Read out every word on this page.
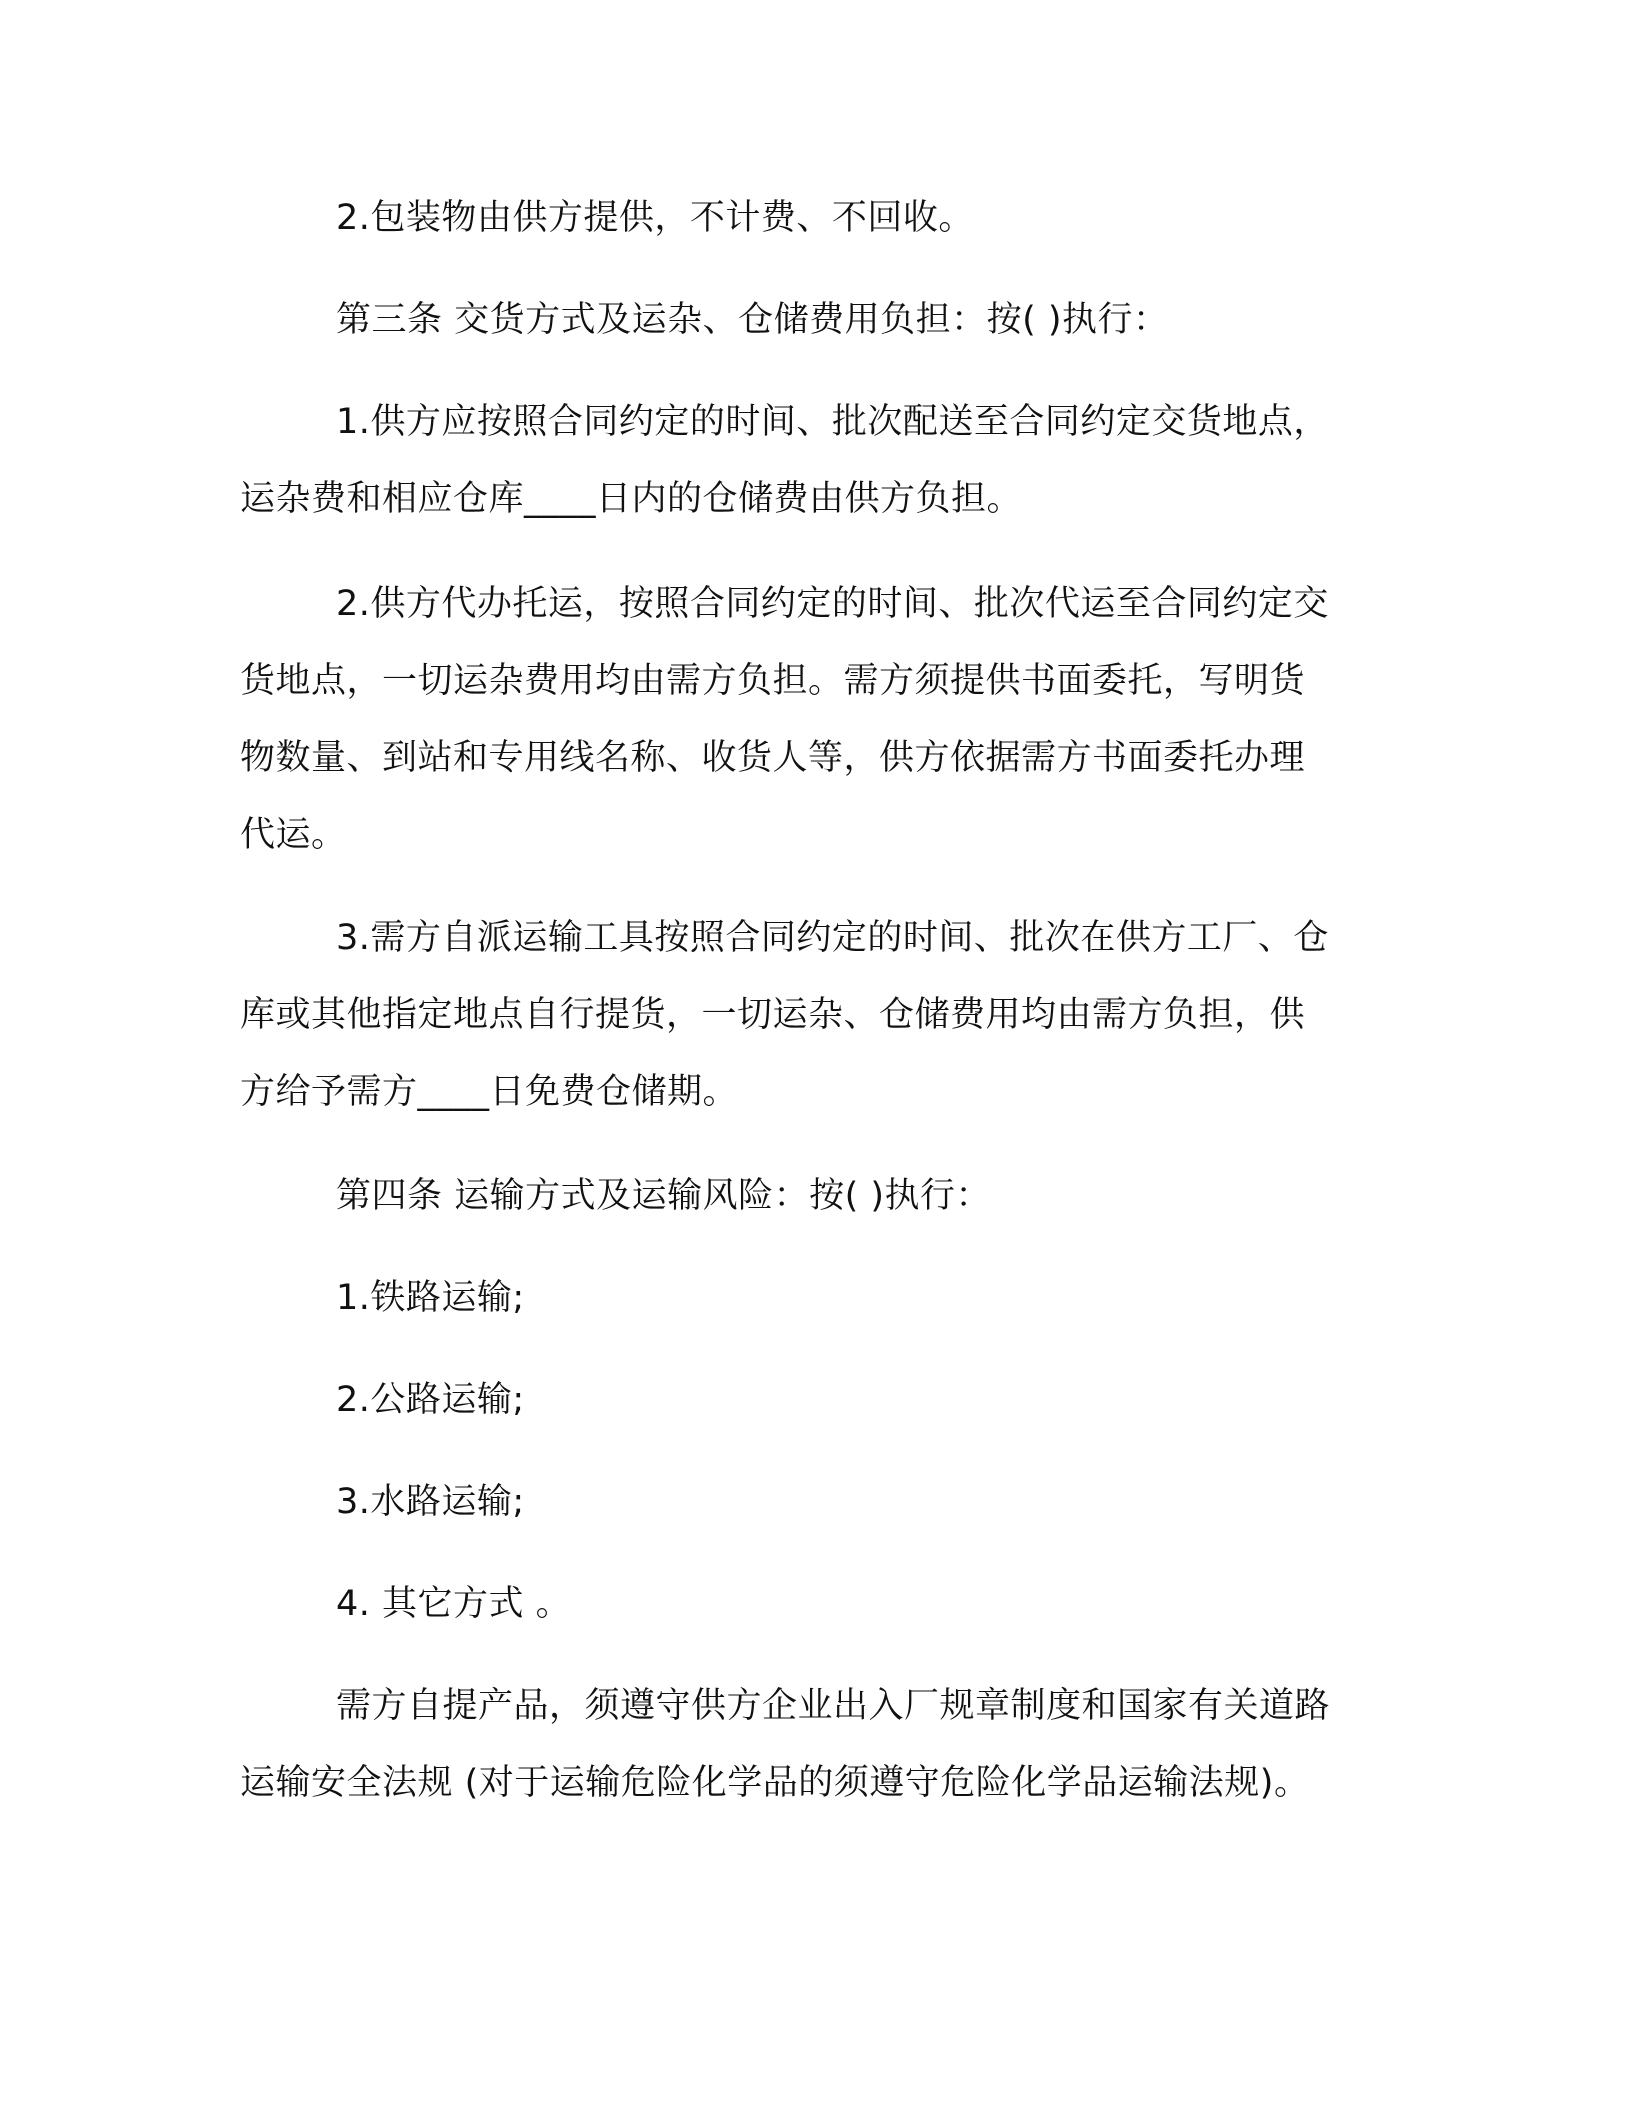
2.包装物由供方提供，不计费、不回收。

第三条 交货方式及运杂、仓储费用负担：按( )执行：

1.供方应按照合同约定的时间、批次配送至合同约定交货地点，
运杂费和相应仓库____日内的仓储费由供方负担。

2.供方代办托运，按照合同约定的时间、批次代运至合同约定交
货地点，一切运杂费用均由需方负担。需方须提供书面委托，写明货
物数量、到站和专用线名称、收货人等，供方依据需方书面委托办理
代运。

3.需方自派运输工具按照合同约定的时间、批次在供方工厂、仓
库或其他指定地点自行提货，一切运杂、仓储费用均由需方负担，供
方给予需方____日免费仓储期。

第四条 运输方式及运输风险：按( )执行：

1.铁路运输;

2.公路运输;

3.水路运输;

4. 其它方式 。

需方自提产品，须遵守供方企业出入厂规章制度和国家有关道路
运输安全法规 (对于运输危险化学品的须遵守危险化学品运输法规)。
